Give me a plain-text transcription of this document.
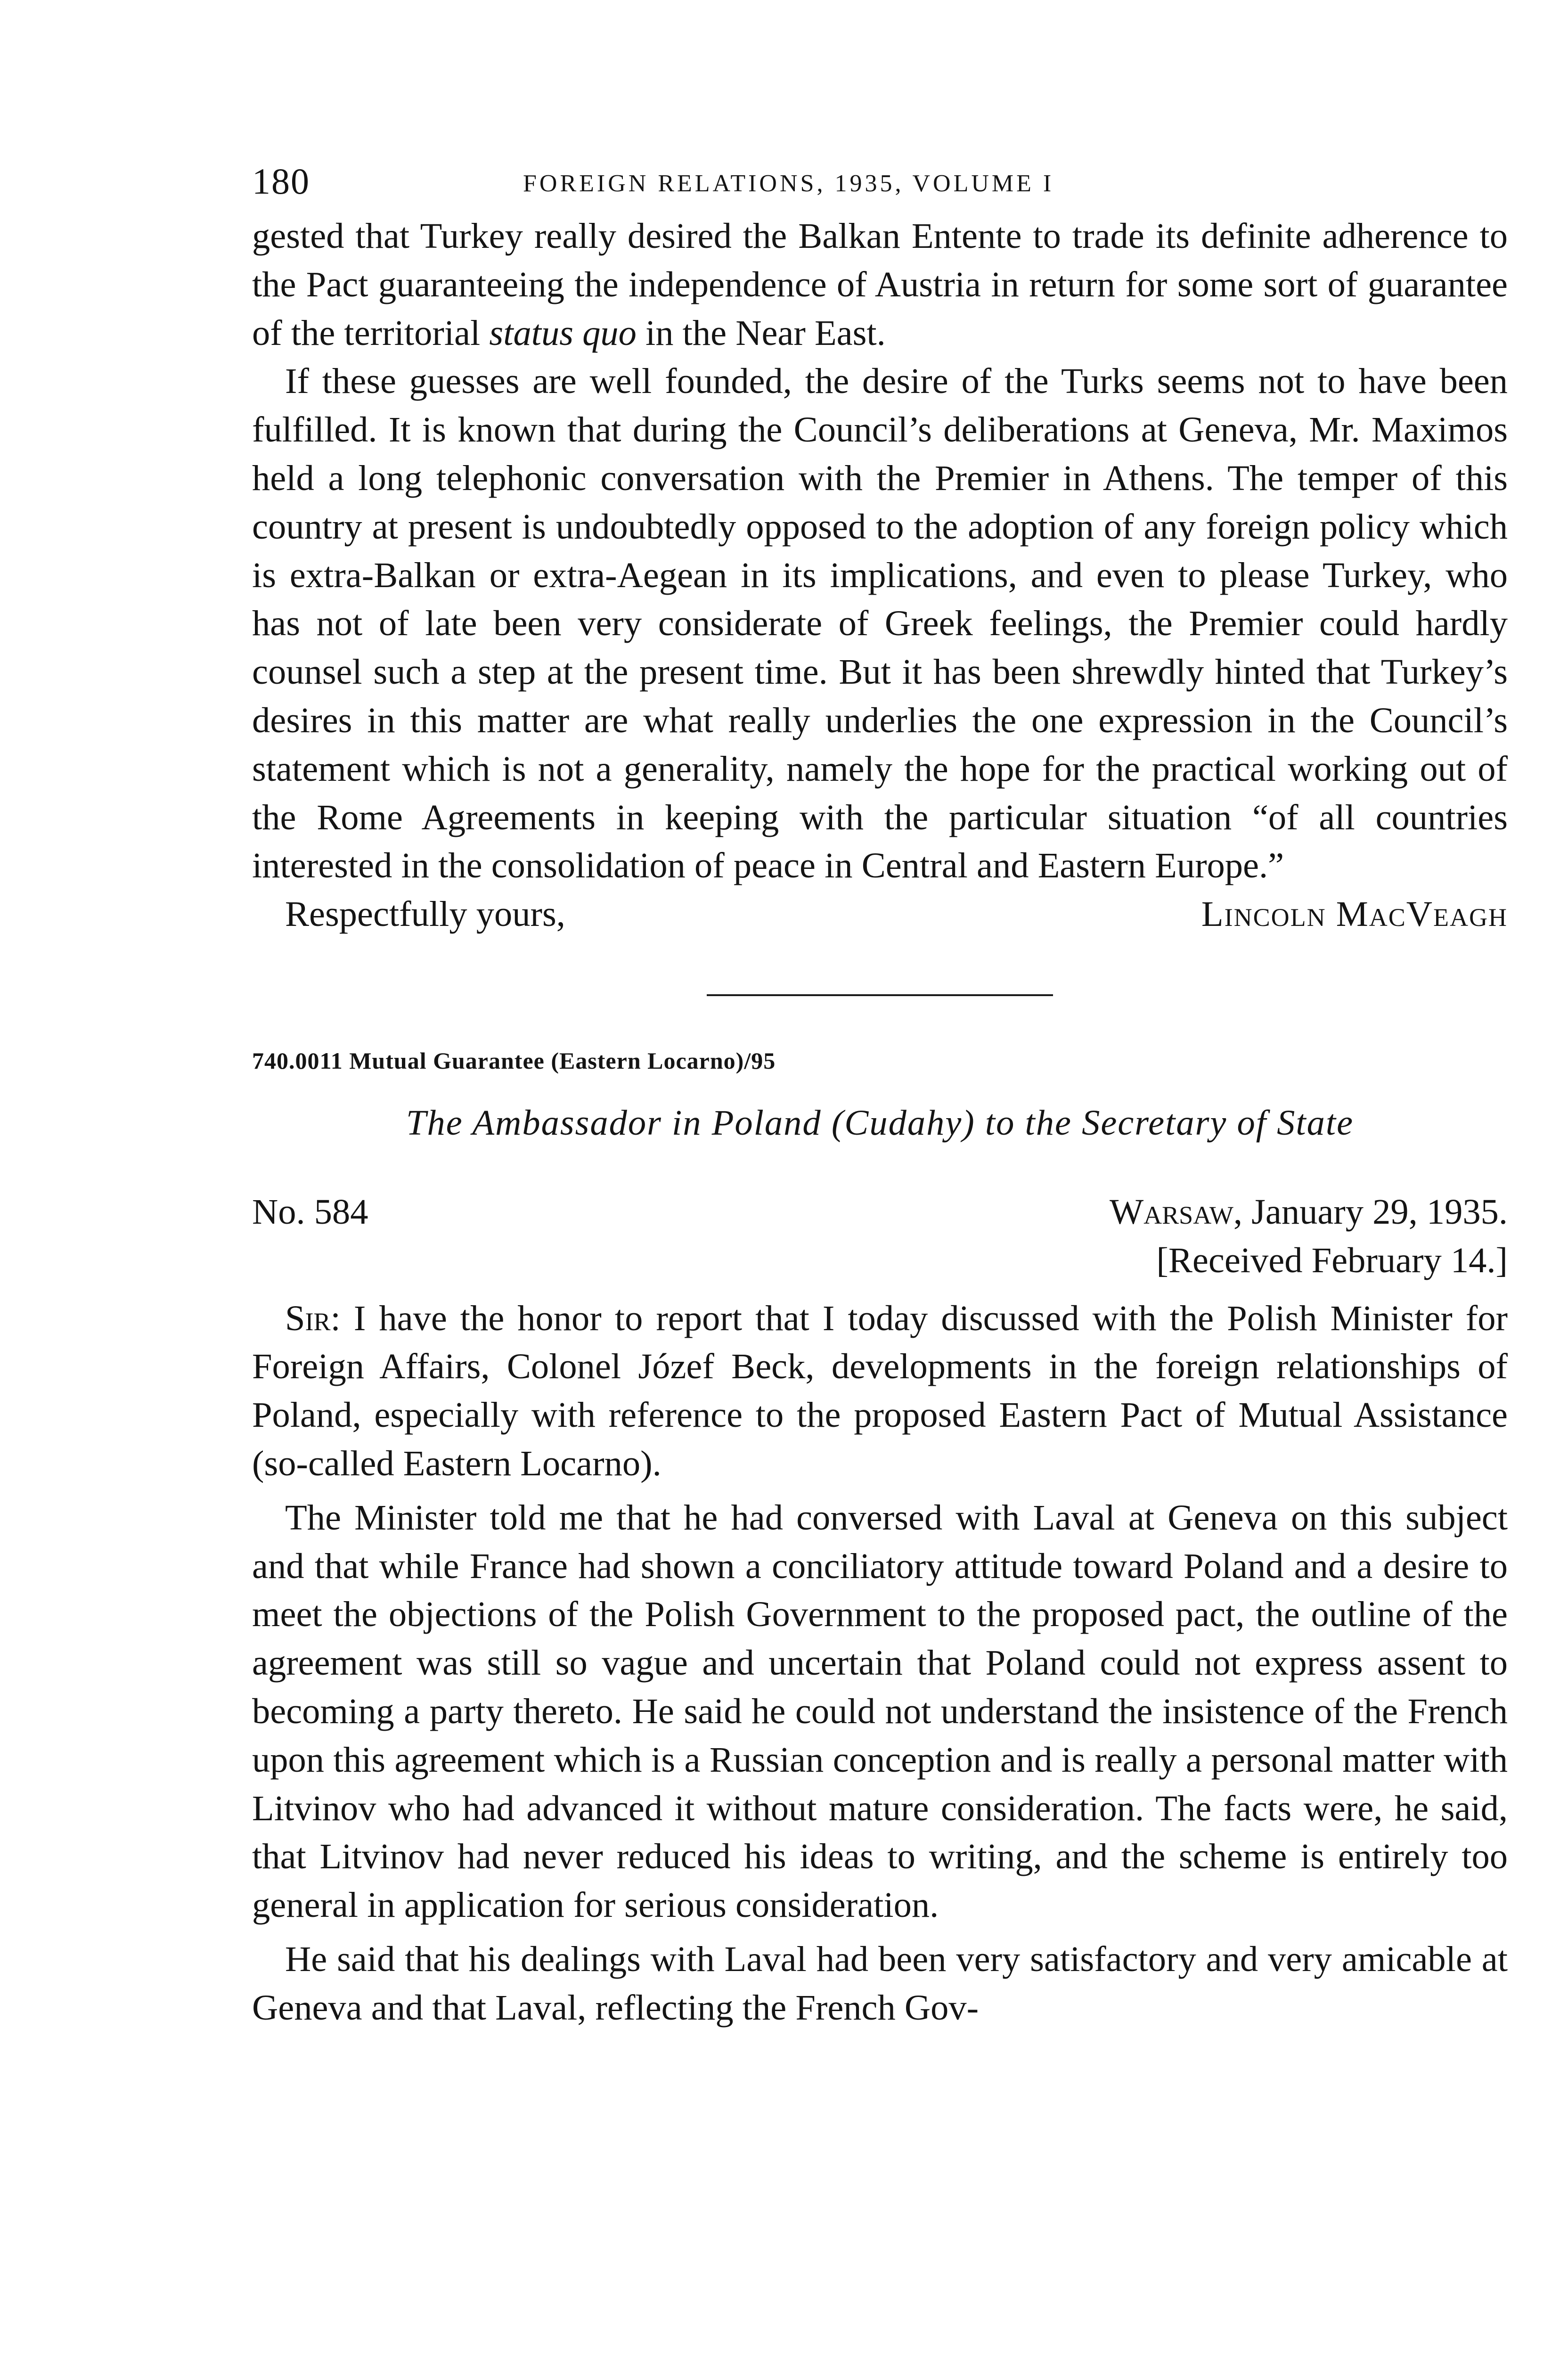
180	FOREIGN RELATIONS, 1935, VOLUME I

gested that Turkey really desired the Balkan Entente to trade its definite adherence to the Pact guaranteeing the independence of Austria in return for some sort of guarantee of the territorial status quo in the Near East.

If these guesses are well founded, the desire of the Turks seems not to have been fulfilled. It is known that during the Council’s deliberations at Geneva, Mr. Maximos held a long telephonic conversation with the Premier in Athens. The temper of this country at present is undoubtedly opposed to the adoption of any foreign policy which is extra-Balkan or extra-Aegean in its implications, and even to please Turkey, who has not of late been very considerate of Greek feelings, the Premier could hardly counsel such a step at the present time. But it has been shrewdly hinted that Turkey’s desires in this matter are what really underlies the one expression in the Council’s statement which is not a generality, namely the hope for the practical working out of the Rome Agreements in keeping with the particular situation “of all countries interested in the consolidation of peace in Central and Eastern Europe.”

Respectfully yours,	Lincoln MacVeagh
740.0011 Mutual Guarantee (Eastern Locarno)/95

The Ambassador in Poland (Cudahy) to the Secretary of State

No. 584	Warsaw, January 29, 1935.
[Received February 14.]

Sir: I have the honor to report that I today discussed with the Polish Minister for Foreign Affairs, Colonel Józef Beck, developments in the foreign relationships of Poland, especially with reference to the proposed Eastern Pact of Mutual Assistance (so-called Eastern Locarno).

The Minister told me that he had conversed with Laval at Geneva on this subject and that while France had shown a conciliatory attitude toward Poland and a desire to meet the objections of the Polish Government to the proposed pact, the outline of the agreement was still so vague and uncertain that Poland could not express assent to becoming a party thereto. He said he could not understand the insistence of the French upon this agreement which is a Russian conception and is really a personal matter with Litvinov who had advanced it without mature consideration. The facts were, he said, that Litvinov had never reduced his ideas to writing, and the scheme is entirely too general in application for serious consideration.

He said that his dealings with Laval had been very satisfactory and very amicable at Geneva and that Laval, reflecting the French Gov-
